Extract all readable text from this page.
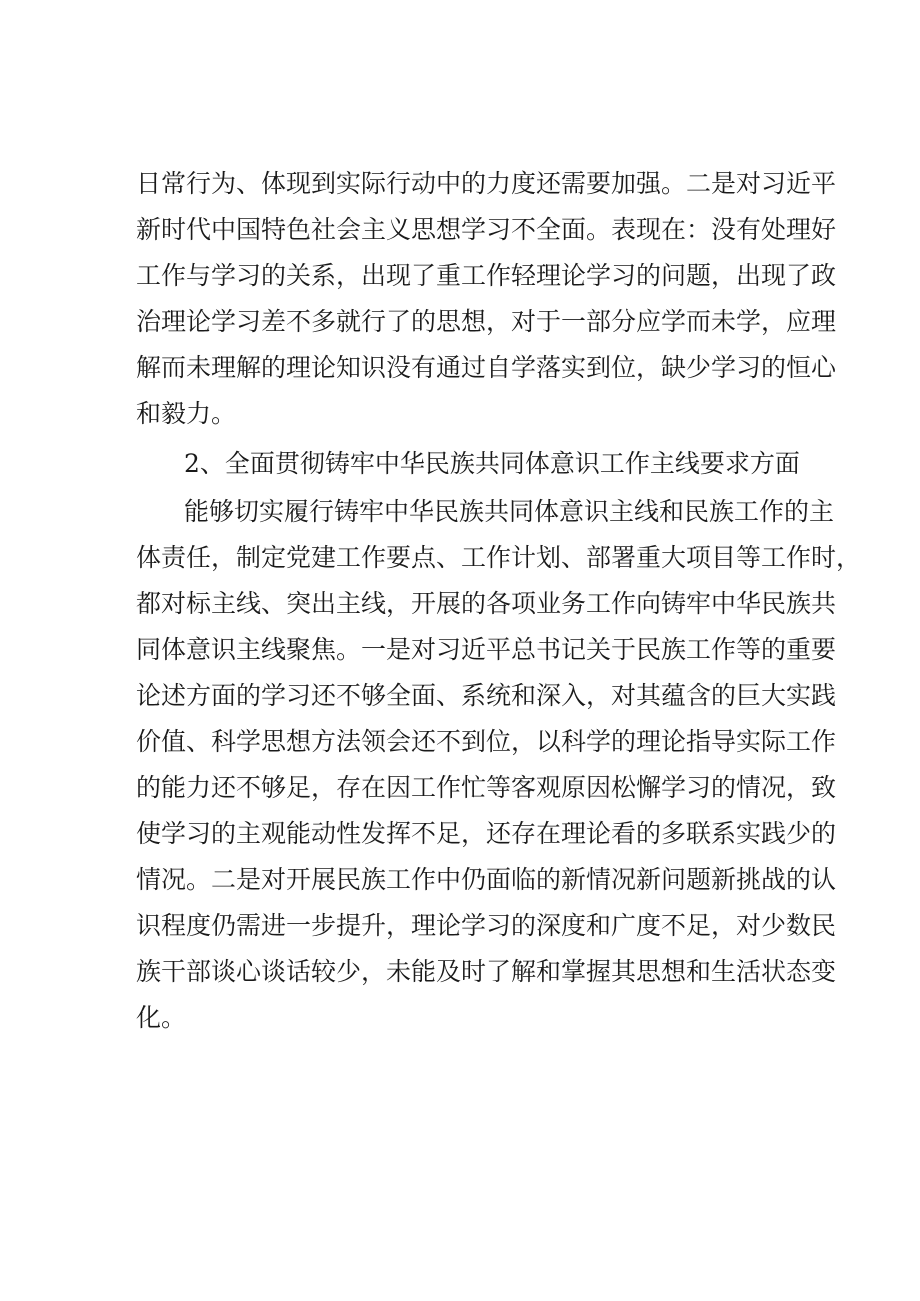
日常行为、体现到实际行动中的力度还需要加强。二是对习近平
新时代中国特色社会主义思想学习不全面。表现在：没有处理好
工作与学习的关系，出现了重工作轻理论学习的问题，出现了政
治理论学习差不多就行了的思想，对于一部分应学而未学，应理
解而未理解的理论知识没有通过自学落实到位，缺少学习的恒心
和毅力。
2、全面贯彻铸牢中华民族共同体意识工作主线要求方面
能够切实履行铸牢中华民族共同体意识主线和民族工作的主
体责任，制定党建工作要点、工作计划、部署重大项目等工作时，
都对标主线、突出主线，开展的各项业务工作向铸牢中华民族共
同体意识主线聚焦。一是对习近平总书记关于民族工作等的重要
论述方面的学习还不够全面、系统和深入，对其蕴含的巨大实践
价值、科学思想方法领会还不到位，以科学的理论指导实际工作
的能力还不够足，存在因工作忙等客观原因松懈学习的情况，致
使学习的主观能动性发挥不足，还存在理论看的多联系实践少的
情况。二是对开展民族工作中仍面临的新情况新问题新挑战的认
识程度仍需进一步提升，理论学习的深度和广度不足，对少数民
族干部谈心谈话较少，未能及时了解和掌握其思想和生活状态变
化。
